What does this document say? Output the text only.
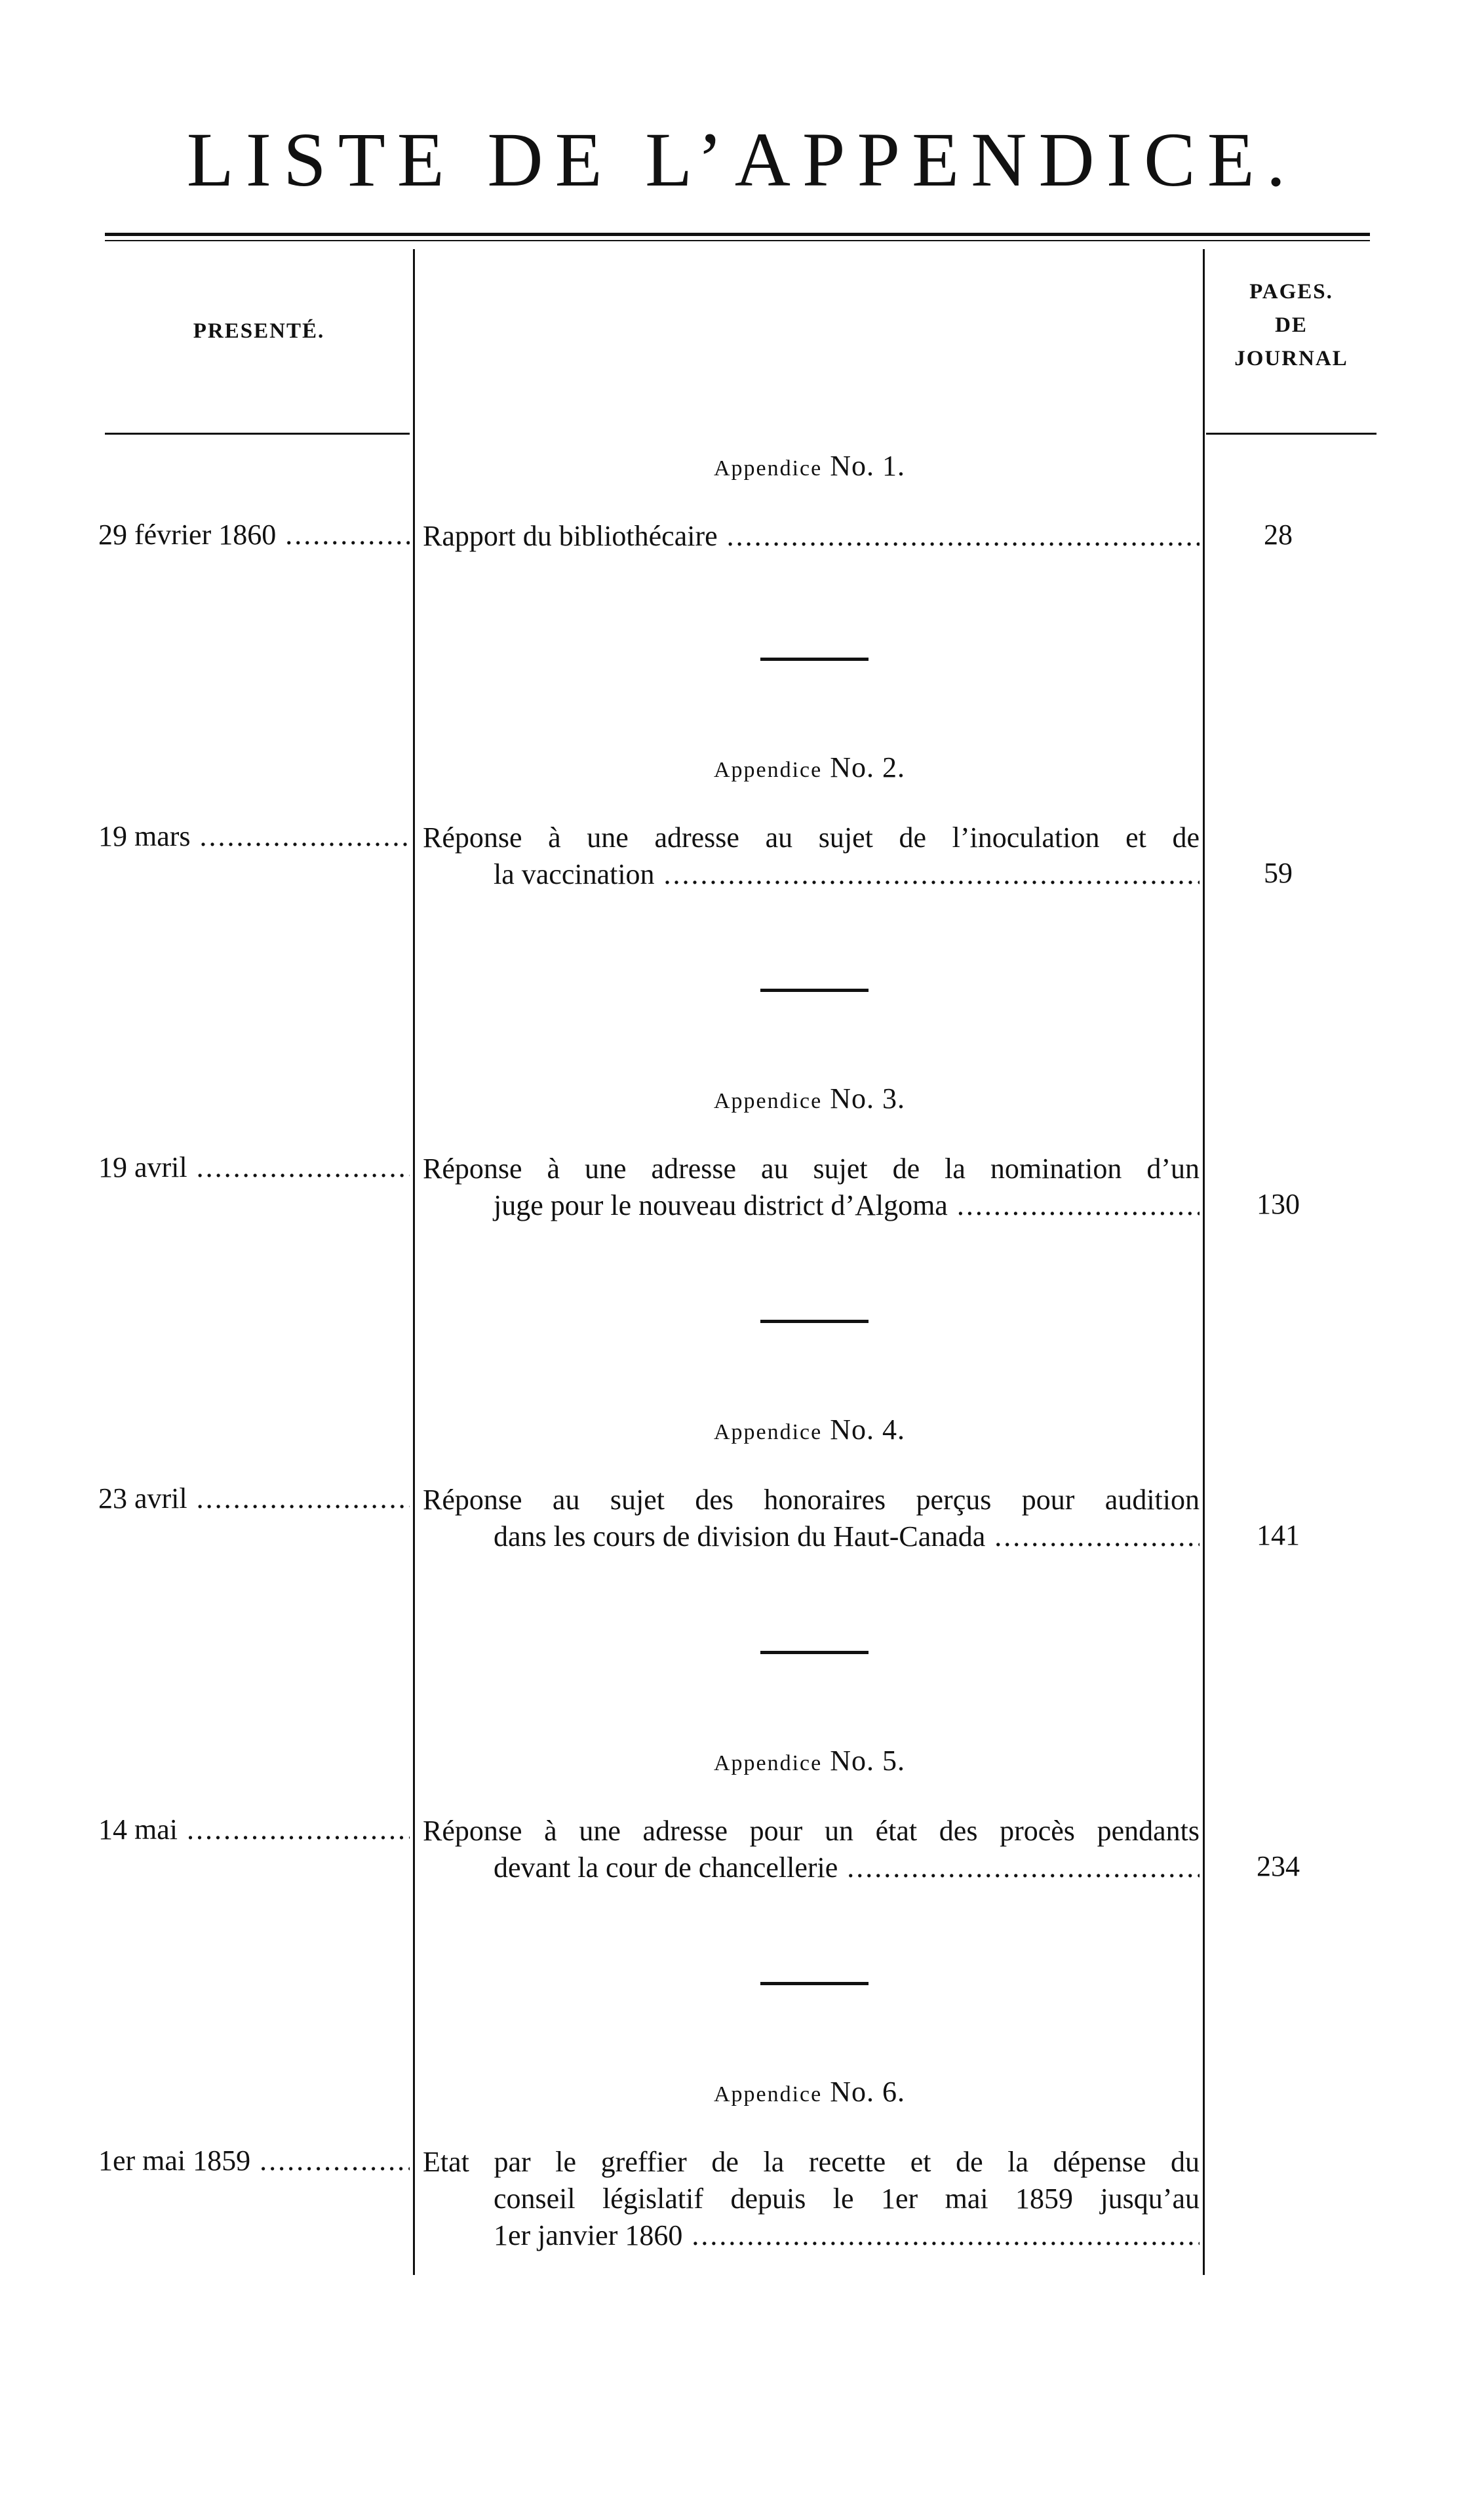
LISTE DE L’APPENDICE.
PRESENTÉ.
PAGES.
DE
JOURNAL
Appendice No. 1.
29 février 1860 .....	Rapport du bibliothécaire .....	28
Appendice No. 2.
19 mars .....	Réponse à une adresse au sujet de l’inoculation et de
la vaccination .....	59
Appendice No. 3.
19 avril .....	Réponse à une adresse au sujet de la nomination d’un
juge pour le nouveau district d’Algoma .....	130
Appendice No. 4.
23 avril .....	Réponse au sujet des honoraires perçus pour audition
dans les cours de division du Haut-Canada .....	141
Appendice No. 5.
14 mai .....	Réponse à une adresse pour un état des procès pendants
devant la cour de chancellerie .....	234
Appendice No. 6.
1er mai 1859 .....	Etat par le greffier de la recette et de la dépense du
conseil législatif depuis le 1er mai 1859 jusqu’au
1er janvier 1860 .....
